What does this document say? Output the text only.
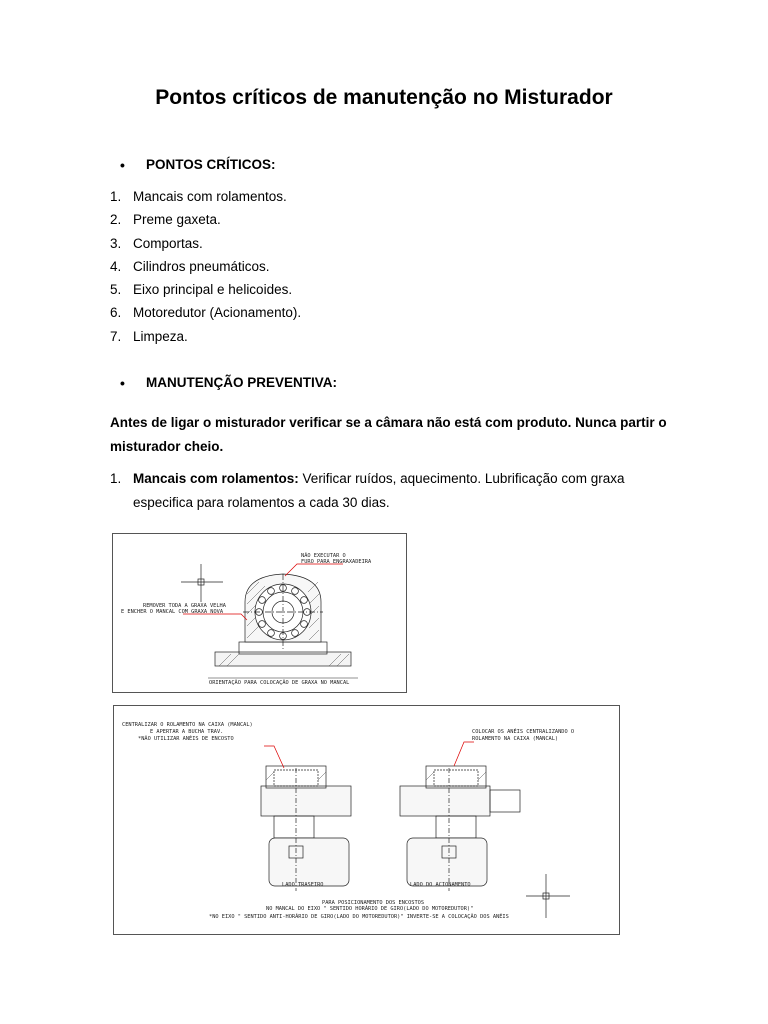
Pontos críticos de manutenção no Misturador
• PONTOS CRÍTICOS:
1. Mancais com rolamentos.
2. Preme gaxeta.
3. Comportas.
4. Cilindros pneumáticos.
5. Eixo principal e helicoides.
6. Motoredutor (Acionamento).
7. Limpeza.
• MANUTENÇÃO PREVENTIVA:
Antes de ligar o misturador verificar se a câmara não está com produto. Nunca partir o misturador cheio.
1. Mancais com rolamentos: Verificar ruídos, aquecimento. Lubrificação com graxa especifica para rolamentos a cada 30 dias.
NÃO EXECUTAR O
FURO PARA ENGRAXADEIRA
REMOVER TODA A GRAXA VELHA
E ENCHER O MANCAL COM GRAXA NOVA
ORIENTAÇÃO PARA COLOCAÇÃO DE GRAXA NO MANCAL
CENTRALIZAR O ROLAMENTO NA CAIXA (MANCAL)
E APERTAR A BUCHA TRAV.
*NÃO UTILIZAR ANÉIS DE ENCOSTO
COLOCAR OS ANÉIS CENTRALIZANDO O
ROLAMENTO NA CAIXA (MANCAL)
LADO TRASEIRO	LADO DO ACIONAMENTO
PARA POSICIONAMENTO DOS ENCOSTOS
NO MANCAL DO EIXO " SENTIDO HORÁRIO DE GIRO(LADO DO MOTOREDUTOR)"
*NO EIXO " SENTIDO ANTI-HORÁRIO DE GIRO(LADO DO MOTOREDUTOR)" INVERTE-SE A COLOCAÇÃO DOS ANÉIS
